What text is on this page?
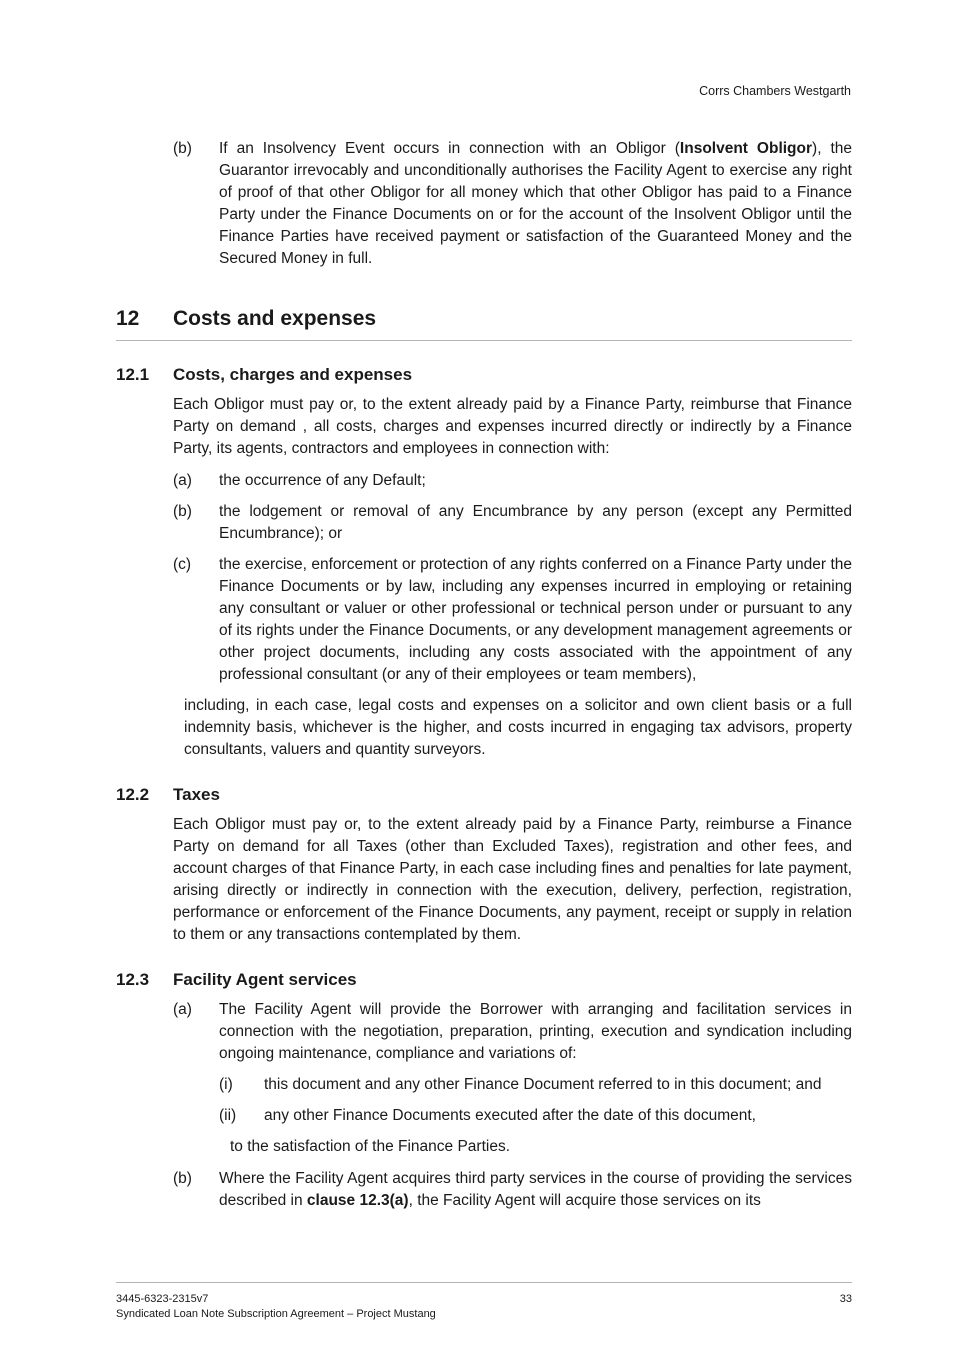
Corrs Chambers Westgarth
(b)	If an Insolvency Event occurs in connection with an Obligor (Insolvent Obligor), the Guarantor irrevocably and unconditionally authorises the Facility Agent to exercise any right of proof of that other Obligor for all money which that other Obligor has paid to a Finance Party under the Finance Documents on or for the account of the Insolvent Obligor until the Finance Parties have received payment or satisfaction of the Guaranteed Money and the Secured Money in full.

12	Costs and expenses
12.1	Costs, charges and expenses

Each Obligor must pay or, to the extent already paid by a Finance Party, reimburse that Finance Party on demand , all costs, charges and expenses incurred directly or indirectly by a Finance Party, its agents, contractors and employees in connection with:

(a)	the occurrence of any Default;

(b)	the lodgement or removal of any Encumbrance by any person (except any Permitted Encumbrance); or

(c)	the exercise, enforcement or protection of any rights conferred on a Finance Party under the Finance Documents or by law, including any expenses incurred in employing or retaining any consultant or valuer or other professional or technical person under or pursuant to any of its rights under the Finance Documents, or any development management agreements or other project documents, including any costs associated with the appointment of any professional consultant (or any of their employees or team members),

including, in each case, legal costs and expenses on a solicitor and own client basis or a full indemnity basis, whichever is the higher, and costs incurred in engaging tax advisors, property consultants, valuers and quantity surveyors.

12.2	Taxes

Each Obligor must pay or, to the extent already paid by a Finance Party, reimburse a Finance Party on demand for all Taxes (other than Excluded Taxes), registration and other fees, and account charges of that Finance Party, in each case including fines and penalties for late payment, arising directly or indirectly in connection with the execution, delivery, perfection, registration, performance or enforcement of the Finance Documents, any payment, receipt or supply in relation to them or any transactions contemplated by them.

12.3	Facility Agent services
(a)	The Facility Agent will provide the Borrower with arranging and facilitation services in connection with the negotiation, preparation, printing, execution and syndication including ongoing maintenance, compliance and variations of:

(i)	this document and any other Finance Document referred to in this document; and

(ii)	any other Finance Documents executed after the date of this document,

to the satisfaction of the Finance Parties.

(b)	Where the Facility Agent acquires third party services in the course of providing the services described in clause 12.3(a), the Facility Agent will acquire those services on its

3445-6323-2315v7
Syndicated Loan Note Subscription Agreement – Project Mustang
33
